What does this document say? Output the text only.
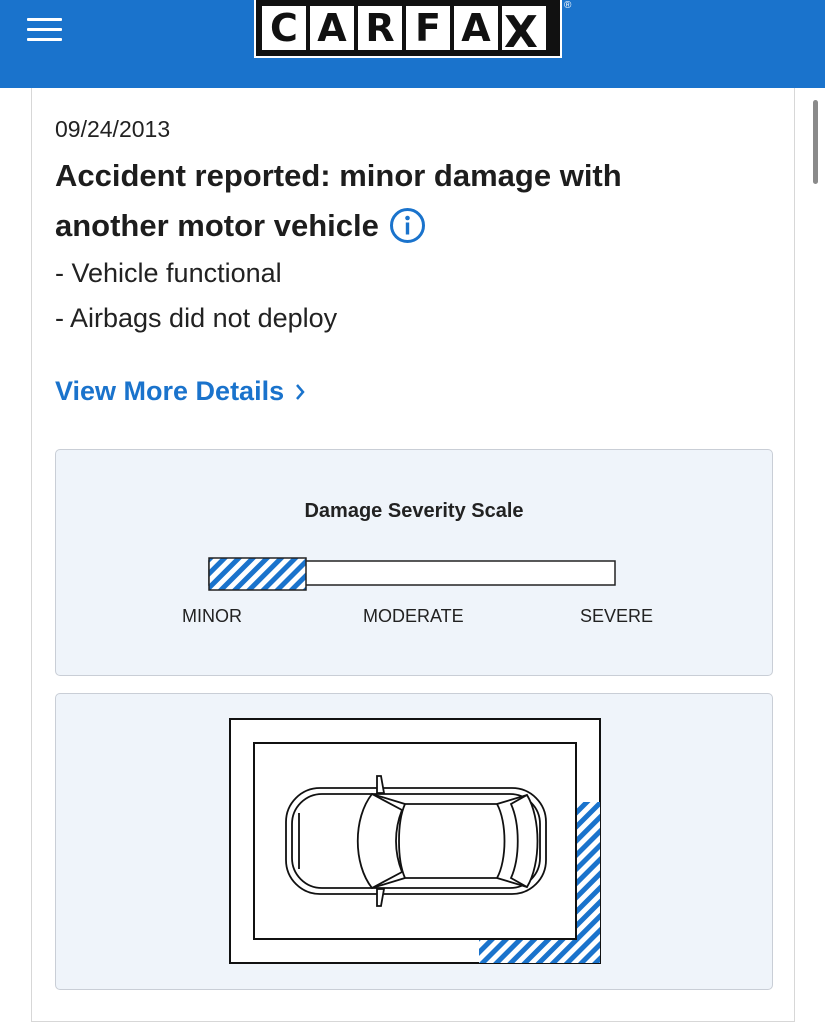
C A R F A X
®
09/24/2013
Accident reported: minor damage with another motor vehicle
- Vehicle functional
- Airbags did not deploy
View More Details
Damage Severity Scale
MINOR	MODERATE	SEVERE
